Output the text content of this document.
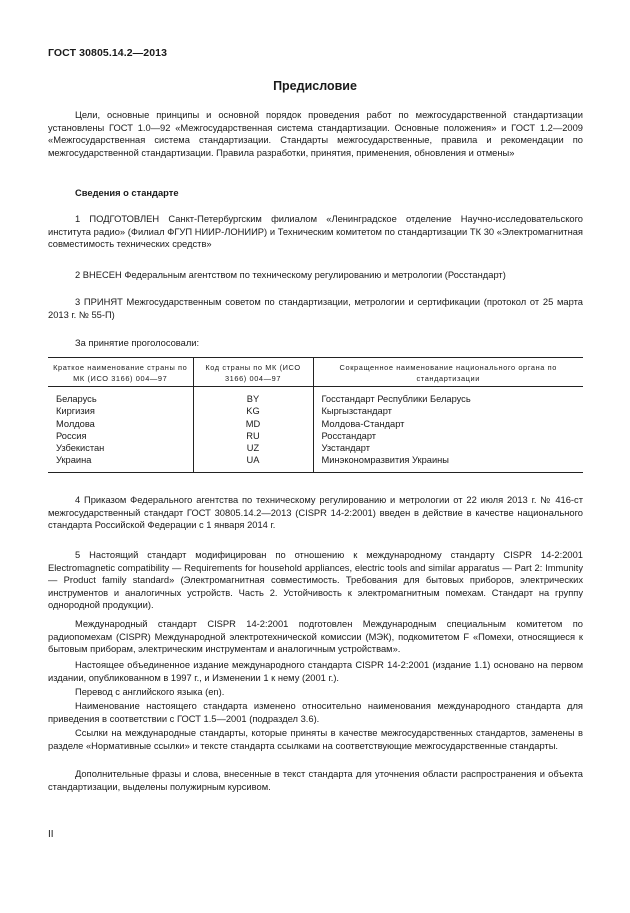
ГОСТ 30805.14.2—2013
Предисловие

Цели, основные принципы и основной порядок проведения работ по межгосударственной стандартизации установлены ГОСТ 1.0—92 «Межгосударственная система стандартизации. Основные положения» и ГОСТ 1.2—2009 «Межгосударственная система стандартизации. Стандарты межгосударственные, правила и рекомендации по межгосударственной стандартизации. Правила разработки, принятия, применения, обновления и отмены»

Сведения о стандарте

1 ПОДГОТОВЛЕН Санкт-Петербургским филиалом «Ленинградское отделение Научно-исследовательского института радио» (Филиал ФГУП НИИР-ЛОНИИР) и Техническим комитетом по стандартизации ТК 30 «Электромагнитная совместимость технических средств»

2 ВНЕСЕН Федеральным агентством по техническому регулированию и метрологии (Росстандарт)

3 ПРИНЯТ Межгосударственным советом по стандартизации, метрологии и сертификации (протокол от 25 марта 2013 г. № 55-П)

За принятие проголосовали:

Краткое наименование страны по МК (ИСО 3166) 004—97	Код страны по МК (ИСО 3166) 004—97	Сокращенное наименование национального органа по стандартизации
Беларусь	BY	Госстандарт Республики Беларусь
Киргизия	KG	Кыргызстандарт
Молдова	MD	Молдова-Стандарт
Россия	RU	Росстандарт
Узбекистан	UZ	Узстандарт
Украина	UA	Минэкономразвития Украины

4 Приказом Федерального агентства по техническому регулированию и метрологии от 22 июля 2013 г. № 416-ст межгосударственный стандарт ГОСТ 30805.14.2—2013 (CISPR 14-2:2001) введен в действие в качестве национального стандарта Российской Федерации с 1 января 2014 г.

5 Настоящий стандарт модифицирован по отношению к международному стандарту CISPR 14-2:2001 Electromagnetic compatibility — Requirements for household appliances, electric tools and similar apparatus — Part 2: Immunity — Product family standard» (Электромагнитная совместимость. Требования для бытовых приборов, электрических инструментов и аналогичных устройств. Часть 2. Устойчивость к электромагнитным помехам. Стандарт на группу однородной продукции).

Международный стандарт CISPR 14-2:2001 подготовлен Международным специальным комитетом по радиопомехам (CISPR) Международной электротехнической комиссии (МЭК), подкомитетом F «Помехи, относящиеся к бытовым приборам, электрическим инструментам и аналогичным устройствам».

Настоящее объединенное издание международного стандарта CISPR 14-2:2001 (издание 1.1) основано на первом издании, опубликованном в 1997 г., и Изменении 1 к нему (2001 г.).

Перевод с английского языка (en).

Наименование настоящего стандарта изменено относительно наименования международного стандарта для приведения в соответствии с ГОСТ 1.5—2001 (подраздел 3.6).

Ссылки на международные стандарты, которые приняты в качестве межгосударственных стандартов, заменены в разделе «Нормативные ссылки» и тексте стандарта ссылками на соответствующие межгосударственные стандарты.

Дополнительные фразы и слова, внесенные в текст стандарта для уточнения области распространения и объекта стандартизации, выделены полужирным курсивом.

II
